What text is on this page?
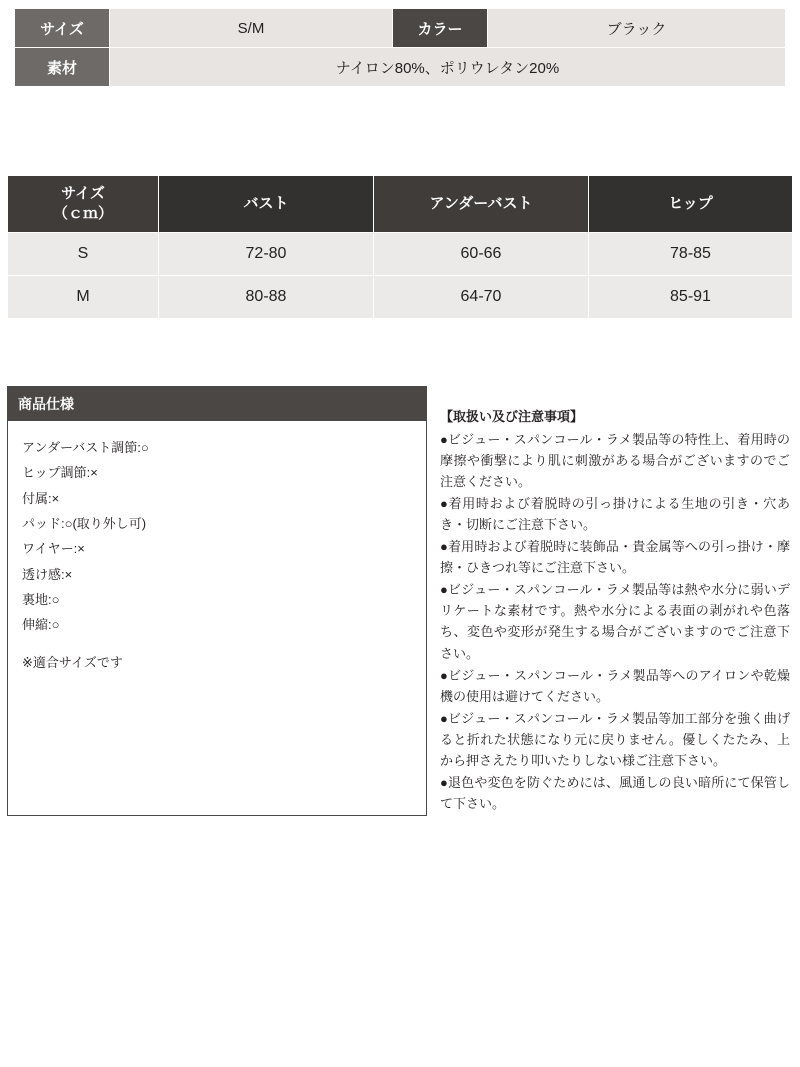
サイズ	S/M	カラー	ブラック
素材	ナイロン80%、ポリウレタン20%		
サイズ
（ｃｍ）	バスト	アンダーバスト	ヒップ
S	72-80	60-66	78-85
M	80-88	64-70	85-91
商品仕様
アンダーバスト調節:○
ヒップ調節:×
付属:×
パッド:○(取り外し可)
ワイヤー:×
透け感:×
裏地:○
伸縮:○
※適合サイズです
【取扱い及び注意事項】
●ビジュー・スパンコール・ラメ製品等の特性上、着用時の摩擦や衝撃により肌に刺激がある場合がございますのでご注意ください。
●着用時および着脱時の引っ掛けによる生地の引き・穴あき・切断にご注意下さい。
●着用時および着脱時に装飾品・貴金属等への引っ掛け・摩擦・ひきつれ等にご注意下さい。
●ビジュー・スパンコール・ラメ製品等は熱や水分に弱いデリケートな素材です。熱や水分による表面の剥がれや色落ち、変色や変形が発生する場合がございますのでご注意下さい。
●ビジュー・スパンコール・ラメ製品等へのアイロンや乾燥機の使用は避けてください。
●ビジュー・スパンコール・ラメ製品等加工部分を強く曲げると折れた状態になり元に戻りません。優しくたたみ、上から押さえたり叩いたりしない様ご注意下さい。
●退色や変色を防ぐためには、風通しの良い暗所にて保管して下さい。
